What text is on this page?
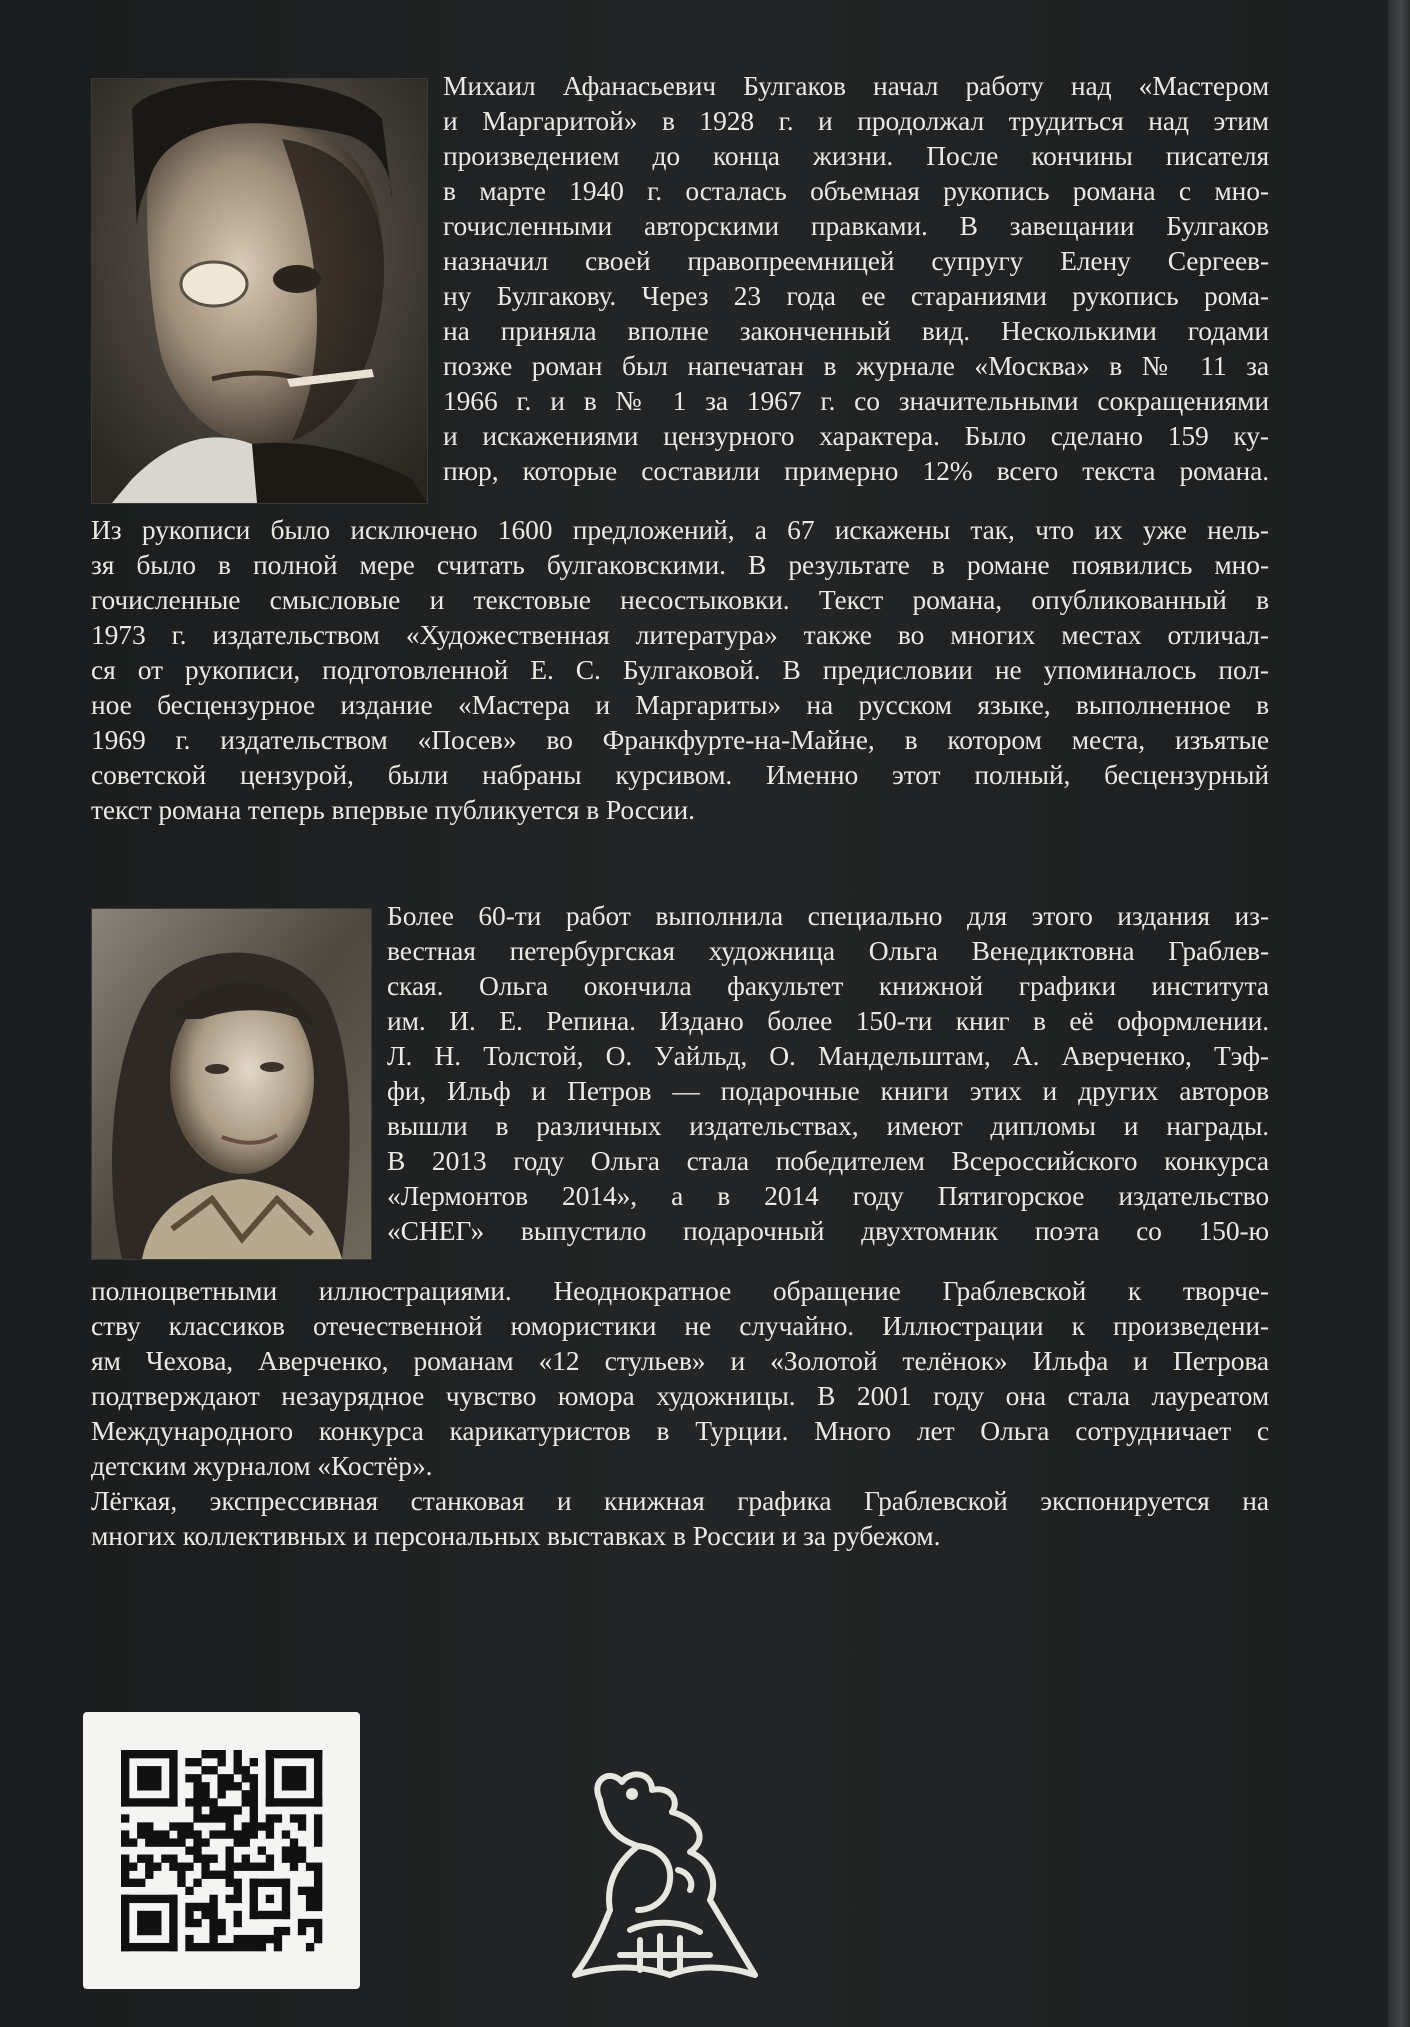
Михаил Афанасьевич Булгаков начал работу над «Мастером
и Маргаритой» в 1928 г. и продолжал трудиться над этим
произведением до конца жизни. После кончины писателя
в марте 1940 г. осталась объемная рукопись романа с мно-
гочисленными авторскими правками. В завещании Булгаков
назначил своей правопреемницей супругу Елену Сергеев-
ну Булгакову. Через 23 года ее стараниями рукопись рома-
на приняла вполне законченный вид. Несколькими годами
позже роман был напечатан в журнале «Москва» в № 11 за
1966 г. и в № 1 за 1967 г. со значительными сокращениями
и искажениями цензурного характера. Было сделано 159 ку-
пюр, которые составили примерно 12% всего текста романа.
Из рукописи было исключено 1600 предложений, а 67 искажены так, что их уже нель-
зя было в полной мере считать булгаковскими. В результате в романе появились мно-
гочисленные смысловые и текстовые несостыковки. Текст романа, опубликованный в
1973 г. издательством «Художественная литература» также во многих местах отличал-
ся от рукописи, подготовленной Е. С. Булгаковой. В предисловии не упоминалось пол-
ное бесцензурное издание «Мастера и Маргариты» на русском языке, выполненное в
1969 г. издательством «Посев» во Франкфурте-на-Майне, в котором места, изъятые
советской цензурой, были набраны курсивом. Именно этот полный, бесцензурный
текст романа теперь впервые публикуется в России.
Более 60-ти работ выполнила специально для этого издания из-
вестная петербургская художница Ольга Венедиктовна Граблев-
ская. Ольга окончила факультет книжной графики института
им. И. Е. Репина. Издано более 150-ти книг в её оформлении.
Л. Н. Толстой, О. Уайльд, О. Мандельштам, А. Аверченко, Тэф-
фи, Ильф и Петров — подарочные книги этих и других авторов
вышли в различных издательствах, имеют дипломы и награды.
В 2013 году Ольга стала победителем Всероссийского конкурса
«Лермонтов 2014», а в 2014 году Пятигорское издательство
«СНЕГ» выпустило подарочный двухтомник поэта со 150-ю
полноцветными иллюстрациями. Неоднократное обращение Граблевской к творче-
ству классиков отечественной юмористики не случайно. Иллюстрации к произведени-
ям Чехова, Аверченко, романам «12 стульев» и «Золотой телёнок» Ильфа и Петрова
подтверждают незаурядное чувство юмора художницы. В 2001 году она стала лауреатом
Международного конкурса карикатуристов в Турции. Много лет Ольга сотрудничает с
детским журналом «Костёр».
Лёгкая, экспрессивная станковая и книжная графика Граблевской экспонируется на
многих коллективных и персональных выставках в России и за рубежом.
